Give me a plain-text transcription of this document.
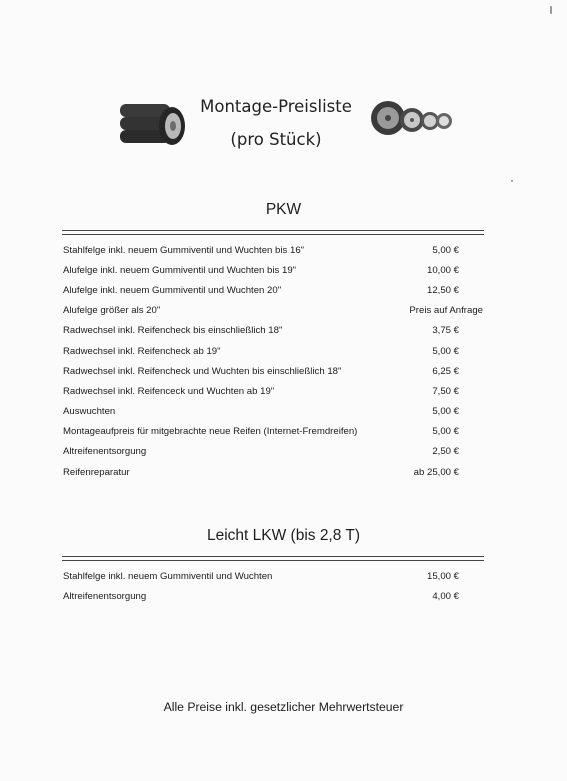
Montage-Preisliste
(pro Stück)
PKW
Stahlfelge inkl. neuem Gummiventil und Wuchten bis 16"	5,00 €
Alufelge inkl. neuem Gummiventil und Wuchten bis 19"	10,00 €
Alufelge inkl. neuem Gummiventil und Wuchten 20"	12,50 €
Alufelge größer als 20"	Preis auf Anfrage
Radwechsel inkl. Reifencheck bis einschließlich 18"	3,75 €
Radwechsel inkl. Reifencheck ab 19"	5,00 €
Radwechsel inkl. Reifencheck und Wuchten bis einschließlich 18"	6,25 €
Radwechsel inkl. Reifenceck und Wuchten ab 19"	7,50 €
Auswuchten	5,00 €
Montageaufpreis für mitgebrachte neue Reifen (Internet-Fremdreifen)	5,00 €
Altreifenentsorgung	2,50 €
Reifenreparatur	ab 25,00 €
Leicht LKW (bis 2,8 T)
Stahlfelge inkl. neuem Gummiventil und Wuchten	15,00 €
Altreifenentsorgung	4,00 €
Alle Preise inkl. gesetzlicher Mehrwertsteuer
